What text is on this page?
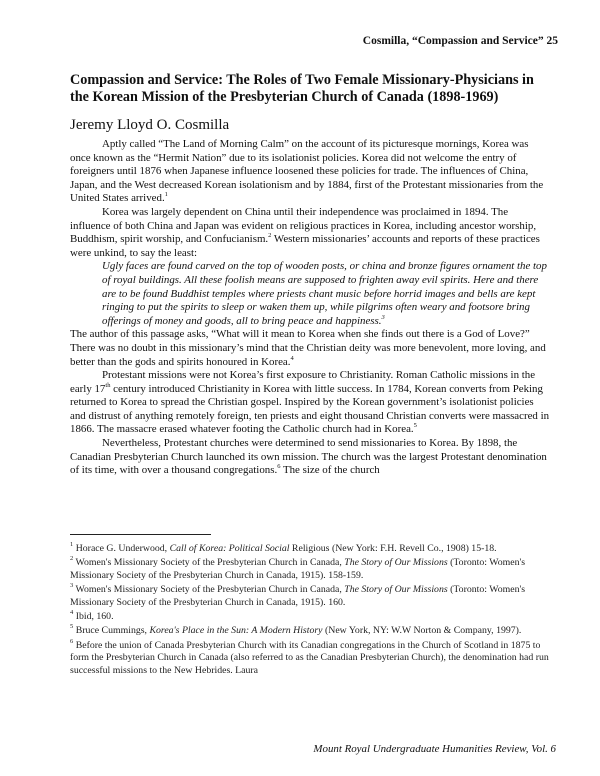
Cosmilla, “Compassion and Service” 25
Compassion and Service: The Roles of Two Female Missionary-Physicians in the Korean Mission of the Presbyterian Church of Canada (1898-1969)
Jeremy Lloyd O. Cosmilla

Aptly called “The Land of Morning Calm” on the account of its picturesque mornings, Korea was once known as the “Hermit Nation” due to its isolationist policies. Korea did not welcome the entry of foreigners until 1876 when Japanese influence loosened these policies for trade. The influences of China, Japan, and the West decreased Korean isolationism and by 1884, first of the Protestant missionaries from the United States arrived.$^1$

Korea was largely dependent on China until their independence was proclaimed in 1894. The influence of both China and Japan was evident on religious practices in Korea, including ancestor worship, Buddhism, spirit worship, and Confucianism.$^2$ Western missionaries’ accounts and reports of these practices were unkind, to say the least:

Ugly faces are found carved on the top of wooden posts, or china and bronze figures ornament the top of royal buildings. All these foolish means are supposed to frighten away evil spirits. Here and there are to be found Buddhist temples where priests chant music before horrid images and bells are kept ringing to put the spirits to sleep or waken them up, while pilgrims often weary and footsore bring offerings of money and goods, all to bring peace and happiness.$^3$

The author of this passage asks, “What will it mean to Korea when she finds out there is a God of Love?” There was no doubt in this missionary’s mind that the Christian deity was more benevolent, more loving, and better than the gods and spirits honoured in Korea.$^4$

Protestant missions were not Korea’s first exposure to Christianity. Roman Catholic missions in the early 17th century introduced Christianity in Korea with little success. In 1784, Korean converts from Peking returned to Korea to spread the Christian gospel. Inspired by the Korean government’s isolationist policies and distrust of anything remotely foreign, ten priests and eight thousand Christian converts were massacred in 1866. The massacre erased whatever footing the Catholic church had in Korea.$^5$

Nevertheless, Protestant churches were determined to send missionaries to Korea. By 1898, the Canadian Presbyterian Church launched its own mission. The church was the largest Protestant denomination of its time, with over a thousand congregations.$^6$ The size of the church

$^1$ Horace G. Underwood, Call of Korea: Political Social Religious (New York: F.H. Revell Co., 1908) 15-18.
$^2$ Women's Missionary Society of the Presbyterian Church in Canada, The Story of Our Missions (Toronto: Women's Missionary Society of the Presbyterian Church in Canada, 1915). 158-159.
$^3$ Women's Missionary Society of the Presbyterian Church in Canada, The Story of Our Missions (Toronto: Women's Missionary Society of the Presbyterian Church in Canada, 1915). 160.
$^4$ Ibid, 160.
$^5$ Bruce Cummings, Korea's Place in the Sun: A Modern History (New York, NY: W.W Norton & Company, 1997).
$^6$ Before the union of Canada Presbyterian Church with its Canadian congregations in the Church of Scotland in 1875 to form the Presbyterian Church in Canada (also referred to as the Canadian Presbyterian Church), the denomination had run successful missions to the New Hebrides. Laura
Mount Royal Undergraduate Humanities Review, Vol. 6
